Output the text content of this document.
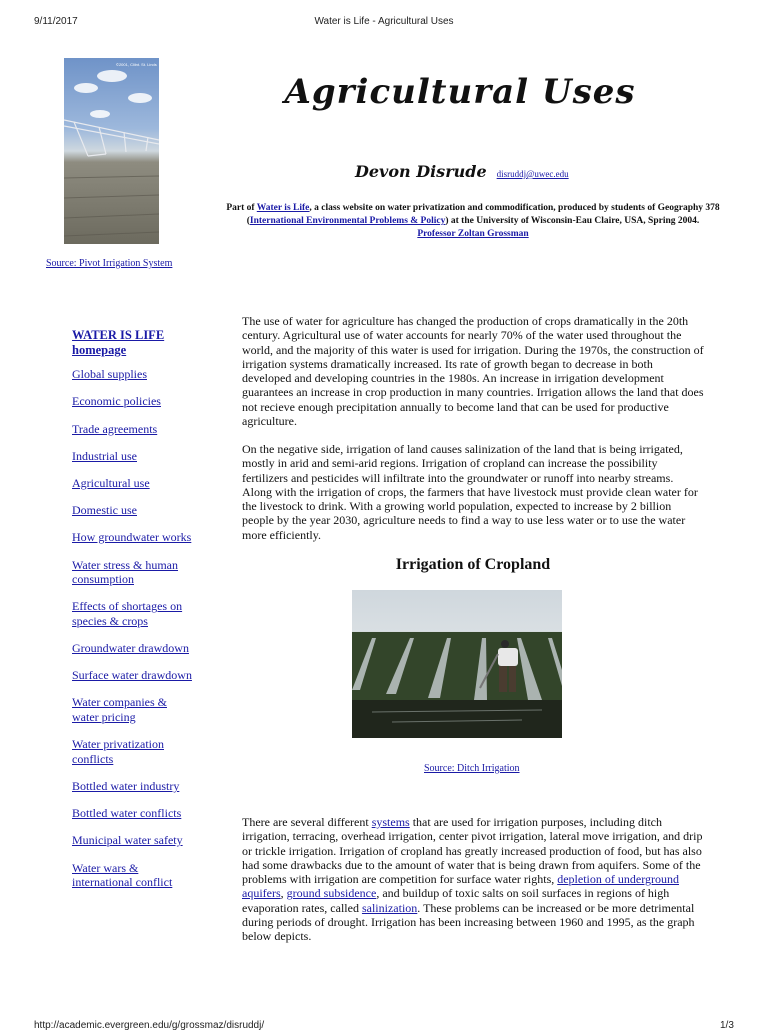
9/11/2017	Water is Life - Agricultural Uses
http://academic.evergreen.edu/g/grossmaz/disruddj/	1/3
©2001, Clilnt. St. Linds
Source: Pivot Irrigation System
Agricultural Uses
Devon Disrude disruddj@uwec.edu
Part of Water is Life, a class website on water privatization and commodification, produced by students of Geography 378 (International Environmental Problems & Policy) at the University of Wisconsin-Eau Claire, USA, Spring 2004.
Professor Zoltan Grossman
WATER IS LIFE homepage
Global supplies
Economic policies
Trade agreements
Industrial use
Agricultural use
Domestic use
How groundwater works
Water stress & human consumption
Effects of shortages on species & crops
Groundwater drawdown
Surface water drawdown
Water companies & water pricing
Water privatization conflicts
Bottled water industry
Bottled water conflicts
Municipal water safety
Water wars & international conflict
The use of water for agriculture has changed the production of crops dramatically in the 20th century. Agricultural use of water accounts for nearly 70% of the water used throughout the world, and the majority of this water is used for irrigation. During the 1970s, the construction of irrigation systems dramatically increased. Its rate of growth began to decrease in both developed and developing countries in the 1980s. An increase in irrigation development guarantees an increase in crop production in many countries. Irrigation allows the land that does not recieve enough precipitation annually to become land that can be used for productive agriculture.
On the negative side, irrigation of land causes salinization of the land that is being irrigated, mostly in arid and semi-arid regions. Irrigation of cropland can increase the possibility fertilizers and pesticides will infiltrate into the groundwater or runoff into nearby streams. Along with the irrigation of crops, the farmers that have livestock must provide clean water for the livestock to drink. With a growing world population, expected to increase by 2 billion people by the year 2030, agriculture needs to find a way to use less water or to use the water more efficiently.
Irrigation of Cropland
Source: Ditch Irrigation
There are several different systems that are used for irrigation purposes, including ditch irrigation, terracing, overhead irrigation, center pivot irrigation, lateral move irrigation, and drip or trickle irrigation. Irrigation of cropland has greatly increased production of food, but has also had some drawbacks due to the amount of water that is being drawn from aquifers. Some of the problems with irrigation are competition for surface water rights, depletion of underground aquifers, ground subsidence, and buildup of toxic salts on soil surfaces in regions of high evaporation rates, called salinization. These problems can be increased or be more detrimental during periods of drought. Irrigation has been increasing between 1960 and 1995, as the graph below depicts.
